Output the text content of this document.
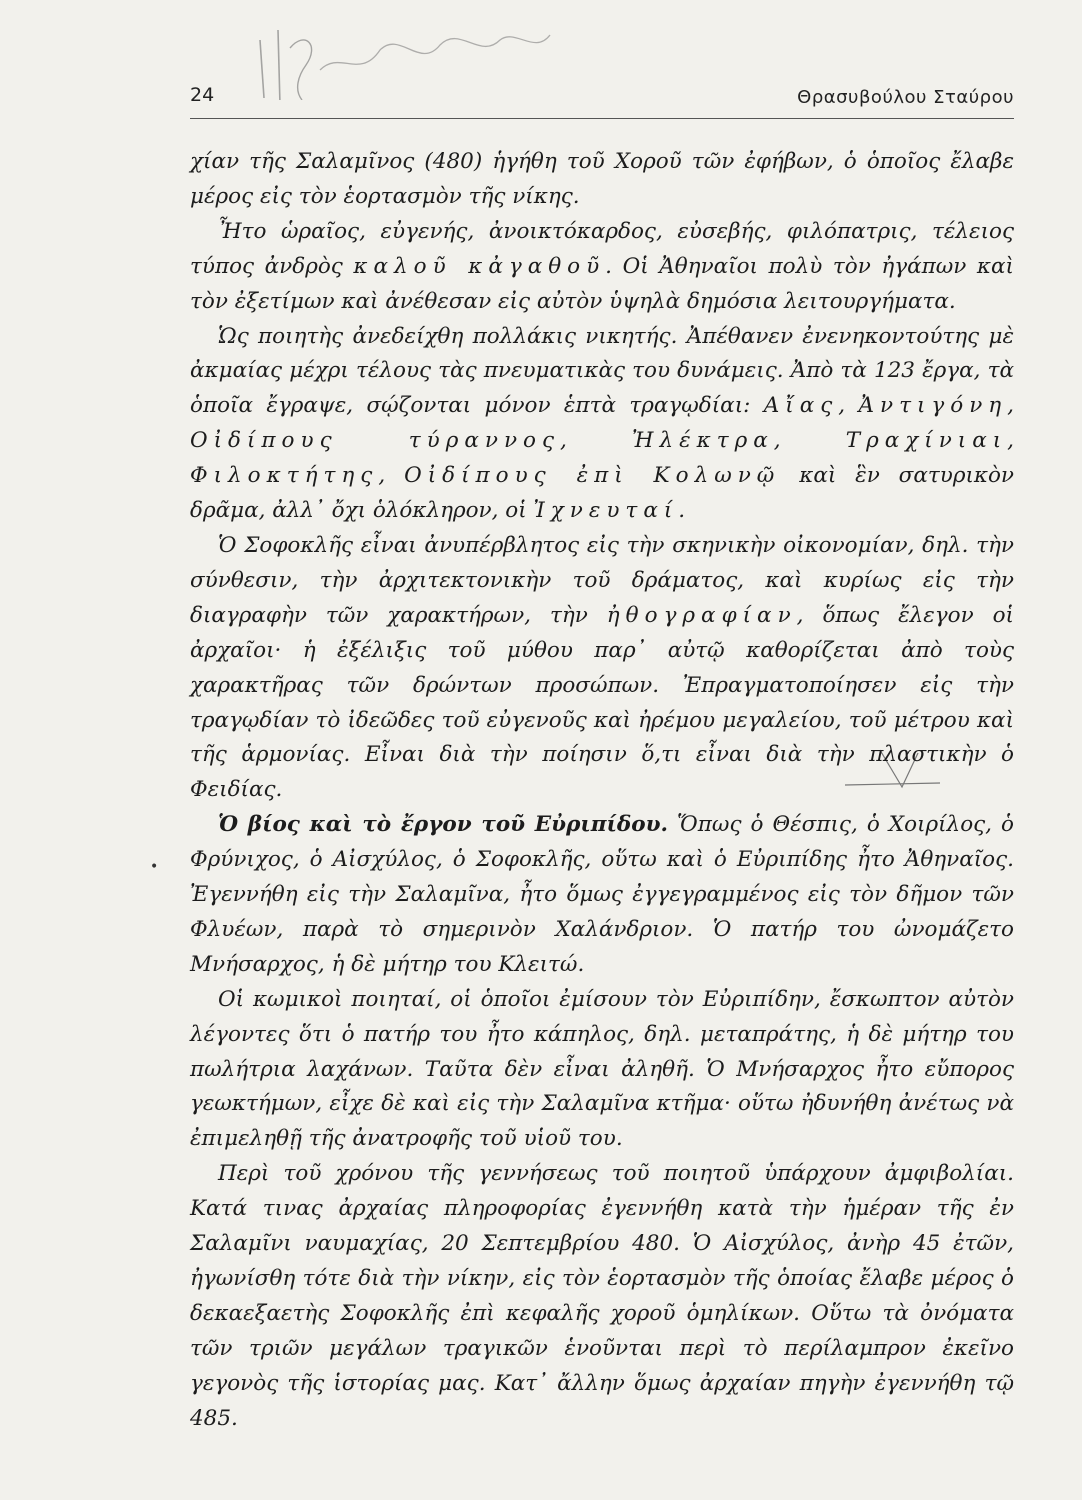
24	Θρασυβούλου Σταύρου
•

χίαν τῆς Σαλαμῖνος (480) ἡγήθη τοῦ Χοροῦ τῶν ἐφήβων, ὁ ὁποῖος ἔλαβε μέρος εἰς τὸν ἑορτασμὸν τῆς νίκης.

Ἦτο ὡραῖος, εὐγενής, ἀνοικτόκαρδος, εὐσεβής, φιλόπατρις, τέλειος τύπος ἀνδρὸς καλοῦ κἀγαθοῦ. Οἱ Ἀθηναῖοι πολὺ τὸν ἠγάπων καὶ τὸν ἐξετίμων καὶ ἀνέθεσαν εἰς αὐτὸν ὑψηλὰ δημόσια λειτουργήματα.

Ὡς ποιητὴς ἀνεδείχθη πολλάκις νικητής. Ἀπέθανεν ἐνενηκοντούτης μὲ ἀκμαίας μέχρι τέλους τὰς πνευματικὰς του δυνάμεις. Ἀπὸ τὰ 123 ἔργα, τὰ ὁποῖα ἔγραψε, σῴζονται μόνον ἑπτὰ τραγῳδίαι: Αἴας, Ἀντιγόνη, Οἰδίπους τύραννος, Ἠλέκτρα, Τραχίνιαι, Φιλοκτήτης, Οἰδίπους ἐπὶ Κολωνῷ καὶ ἓν σατυρικὸν δρᾶμα, ἀλλ᾽ ὄχι ὁλόκληρον, οἱ Ἰχνευταί.

Ὁ Σοφοκλῆς εἶναι ἀνυπέρβλητος εἰς τὴν σκηνικὴν οἰκονομίαν, δηλ. τὴν σύνθεσιν, τὴν ἀρχιτεκτονικὴν τοῦ δράματος, καὶ κυρίως εἰς τὴν διαγραφὴν τῶν χαρακτήρων, τὴν ἠθογραφίαν, ὅπως ἔλεγον οἱ ἀρχαῖοι· ἡ ἐξέλιξις τοῦ μύθου παρ᾽ αὐτῷ καθορίζεται ἀπὸ τοὺς χαρακτῆρας τῶν δρώντων προσώπων. Ἐπραγματοποίησεν εἰς τὴν τραγῳδίαν τὸ ἰδεῶδες τοῦ εὐγενοῦς καὶ ἠρέμου μεγαλείου, τοῦ μέτρου καὶ τῆς ἁρμονίας. Εἶναι διὰ τὴν ποίησιν ὅ,τι εἶναι διὰ τὴν πλαστικὴν ὁ Φειδίας.

Ὁ βίος καὶ τὸ ἔργον τοῦ Εὐριπίδου. Ὅπως ὁ Θέσπις, ὁ Χοιρίλος, ὁ Φρύνιχος, ὁ Αἰσχύλος, ὁ Σοφοκλῆς, οὕτω καὶ ὁ Εὐριπίδης ἦτο Ἀθηναῖος. Ἐγεννήθη εἰς τὴν Σαλαμῖνα, ἦτο ὅμως ἐγγεγραμμένος εἰς τὸν δῆμον τῶν Φλυέων, παρὰ τὸ σημερινὸν Χαλάνδριον. Ὁ πατήρ του ὠνομάζετο Μνήσαρχος, ἡ δὲ μήτηρ του Κλειτώ.

Οἱ κωμικοὶ ποιηταί, οἱ ὁποῖοι ἐμίσουν τὸν Εὐριπίδην, ἔσκωπτον αὐτὸν λέγοντες ὅτι ὁ πατήρ του ἦτο κάπηλος, δηλ. μεταπράτης, ἡ δὲ μήτηρ του πωλήτρια λαχάνων. Ταῦτα δὲν εἶναι ἀληθῆ. Ὁ Μνήσαρχος ἦτο εὔπορος γεωκτήμων, εἶχε δὲ καὶ εἰς τὴν Σαλαμῖνα κτῆμα· οὕτω ἠδυνήθη ἀνέτως νὰ ἐπιμεληθῇ τῆς ἀνατροφῆς τοῦ υἱοῦ του.

Περὶ τοῦ χρόνου τῆς γεννήσεως τοῦ ποιητοῦ ὑπάρχουν ἀμφιβολίαι. Κατά τινας ἀρχαίας πληροφορίας ἐγεννήθη κατὰ τὴν ἡμέραν τῆς ἐν Σαλαμῖνι ναυμαχίας, 20 Σεπτεμβρίου 480. Ὁ Αἰσχύλος, ἀνὴρ 45 ἐτῶν, ἠγωνίσθη τότε διὰ τὴν νίκην, εἰς τὸν ἑορτασμὸν τῆς ὁποίας ἔλαβε μέρος ὁ δεκαεξαετὴς Σοφοκλῆς ἐπὶ κεφαλῆς χοροῦ ὁμηλίκων. Οὕτω τὰ ὀνόματα τῶν τριῶν μεγάλων τραγικῶν ἑνοῦνται περὶ τὸ περίλαμπρον ἐκεῖνο γεγονὸς τῆς ἱστορίας μας. Κατ᾽ ἄλλην ὅμως ἀρχαίαν πηγὴν ἐγεννήθη τῷ 485.
